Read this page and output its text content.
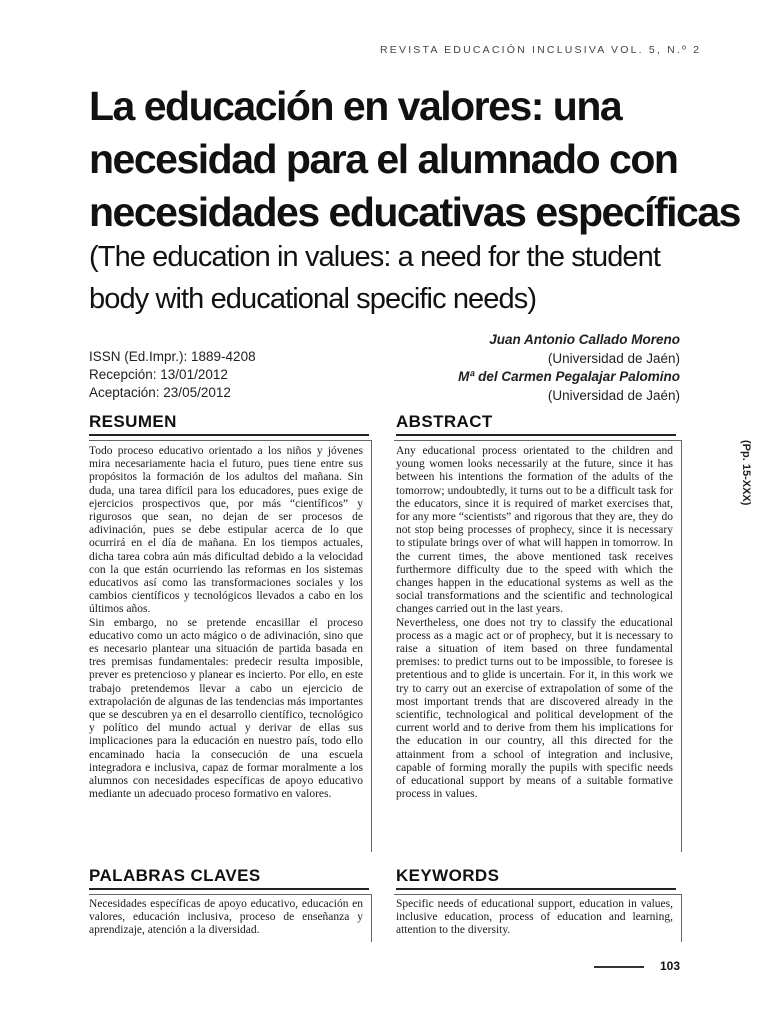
REVISTA EDUCACIÓN INCLUSIVA VOL. 5, N.º 2
La educación en valores: una
necesidad para el alumnado con
necesidades educativas específicas
(The education in values: a need for the student
body with educational specific needs)
ISSN (Ed.Impr.): 1889-4208
Recepción: 13/01/2012
Aceptación: 23/05/2012
Juan Antonio Callado Moreno
(Universidad de Jaén)
Mª del Carmen Pegalajar Palomino
(Universidad de Jaén)
RESUMEN

Todo proceso educativo orientado a los niños y jóvenes mira necesariamente hacia el futuro, pues tiene entre sus propósitos la formación de los adultos del mañana. Sin duda, una tarea difícil para los educadores, pues exige de ejercicios prospectivos que, por más “científicos” y rigurosos que sean, no dejan de ser procesos de adivinación, pues se debe estipular acerca de lo que ocurrirá en el día de mañana. En los tiempos actuales, dicha tarea cobra aún más dificultad debido a la velocidad con la que están ocurriendo las reformas en los sistemas educativos así como las transformaciones sociales y los cambios científicos y tecnológicos llevados a cabo en los últimos años.

Sin embargo, no se pretende encasillar el proceso educativo como un acto mágico o de adivinación, sino que es necesario plantear una situación de partida basada en tres premisas fundamentales: predecir resulta imposible, prever es pretencioso y planear es incierto. Por ello, en este trabajo pretendemos llevar a cabo un ejercicio de extrapolación de algunas de las tendencias más importantes que se descubren ya en el desarrollo científico, tecnológico y político del mundo actual y derivar de ellas sus implicaciones para la educación en nuestro país, todo ello encaminado hacia la consecución de una escuela integradora e inclusiva, capaz de formar moralmente a los alumnos con necesidades específicas de apoyo educativo mediante un adecuado proceso formativo en valores.

ABSTRACT

Any educational process orientated to the children and young women looks necessarily at the future, since it has between his intentions the formation of the adults of the tomorrow; undoubtedly, it turns out to be a difficult task for the educators, since it is required of market exercises that, for any more “scientists” and rigorous that they are, they do not stop being processes of prophecy, since it is necessary to stipulate brings over of what will happen in tomorrow. In the current times, the above mentioned task receives furthermore difficulty due to the speed with which the changes happen in the educational systems as well as the social transformations and the scientific and technological changes carried out in the last years.

Nevertheless, one does not try to classify the educational process as a magic act or of prophecy, but it is necessary to raise a situation of item based on three fundamental premises: to predict turns out to be impossible, to foresee is pretentious and to glide is uncertain. For it, in this work we try to carry out an exercise of extrapolation of some of the most important trends that are discovered already in the scientific, technological and political development of the current world and to derive from them his implications for the education in our country, all this directed for the attainment from a school of integration and inclusive, capable of forming morally the pupils with specific needs of educational support by means of a suitable formative process in values.

(Pp. 15-XXX)
PALABRAS CLAVES
Necesidades específicas de apoyo educativo, educación en valores, educación inclusiva, proceso de enseñanza y aprendizaje, atención a la diversidad.
KEYWORDS
Specific needs of educational support, education in values, inclusive education, process of education and learning, attention to the diversity.
103
